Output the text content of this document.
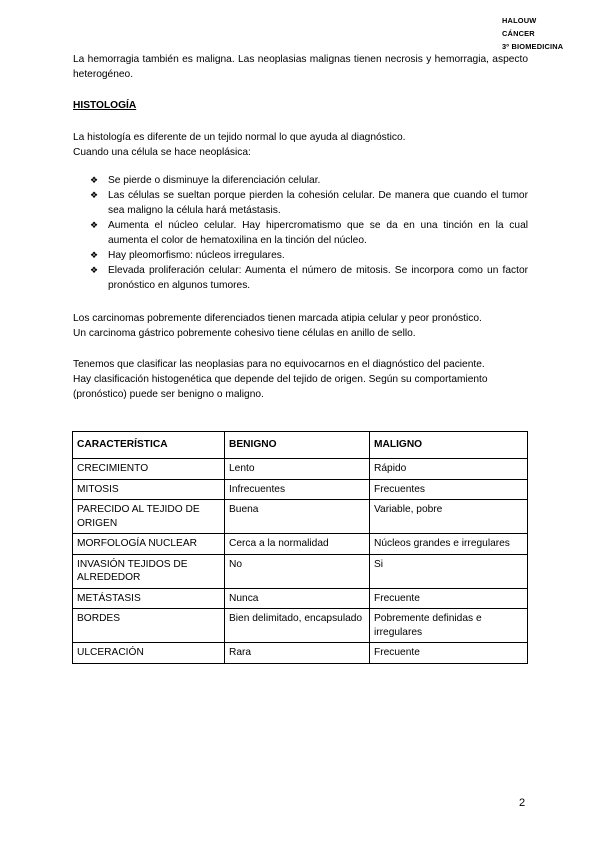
HALOUW
CÁNCER
3º BIOMEDICINA

La hemorragia también es maligna. Las neoplasias malignas tienen necrosis y hemorragia, aspecto heterogéneo.

HISTOLOGÍA
La histología es diferente de un tejido normal lo que ayuda al diagnóstico.
Cuando una célula se hace neoplásica:
❖ Se pierde o disminuye la diferenciación celular.
❖ Las células se sueltan porque pierden la cohesión celular. De manera que cuando el tumor sea maligno la célula hará metástasis.
❖ Aumenta el núcleo celular. Hay hipercromatismo que se da en una tinción en la cual aumenta el color de hematoxilina en la tinción del núcleo.
❖ Hay pleomorfismo: núcleos irregulares.
❖ Elevada proliferación celular: Aumenta el número de mitosis. Se incorpora como un factor pronóstico en algunos tumores.
Los carcinomas pobremente diferenciados tienen marcada atipia celular y peor pronóstico.
Un carcinoma gástrico pobremente cohesivo tiene células en anillo de sello.
Tenemos que clasificar las neoplasias para no equivocarnos en el diagnóstico del paciente.
Hay clasificación histogenética que depende del tejido de origen. Según su comportamiento
(pronóstico) puede ser benigno o maligno.
CARACTERÍSTICA	BENIGNO	MALIGNO
CRECIMIENTO	Lento	Rápido
MITOSIS	Infrecuentes	Frecuentes
PARECIDO AL TEJIDO DE ORIGEN	Buena	Variable, pobre
MORFOLOGÍA NUCLEAR	Cerca a la normalidad	Núcleos grandes e irregulares
INVASIÓN TEJIDOS DE ALREDEDOR	No	Si
METÁSTASIS	Nunca	Frecuente
BORDES	Bien delimitado, encapsulado	Pobremente definidas e irregulares
ULCERACIÓN	Rara	Frecuente
2
